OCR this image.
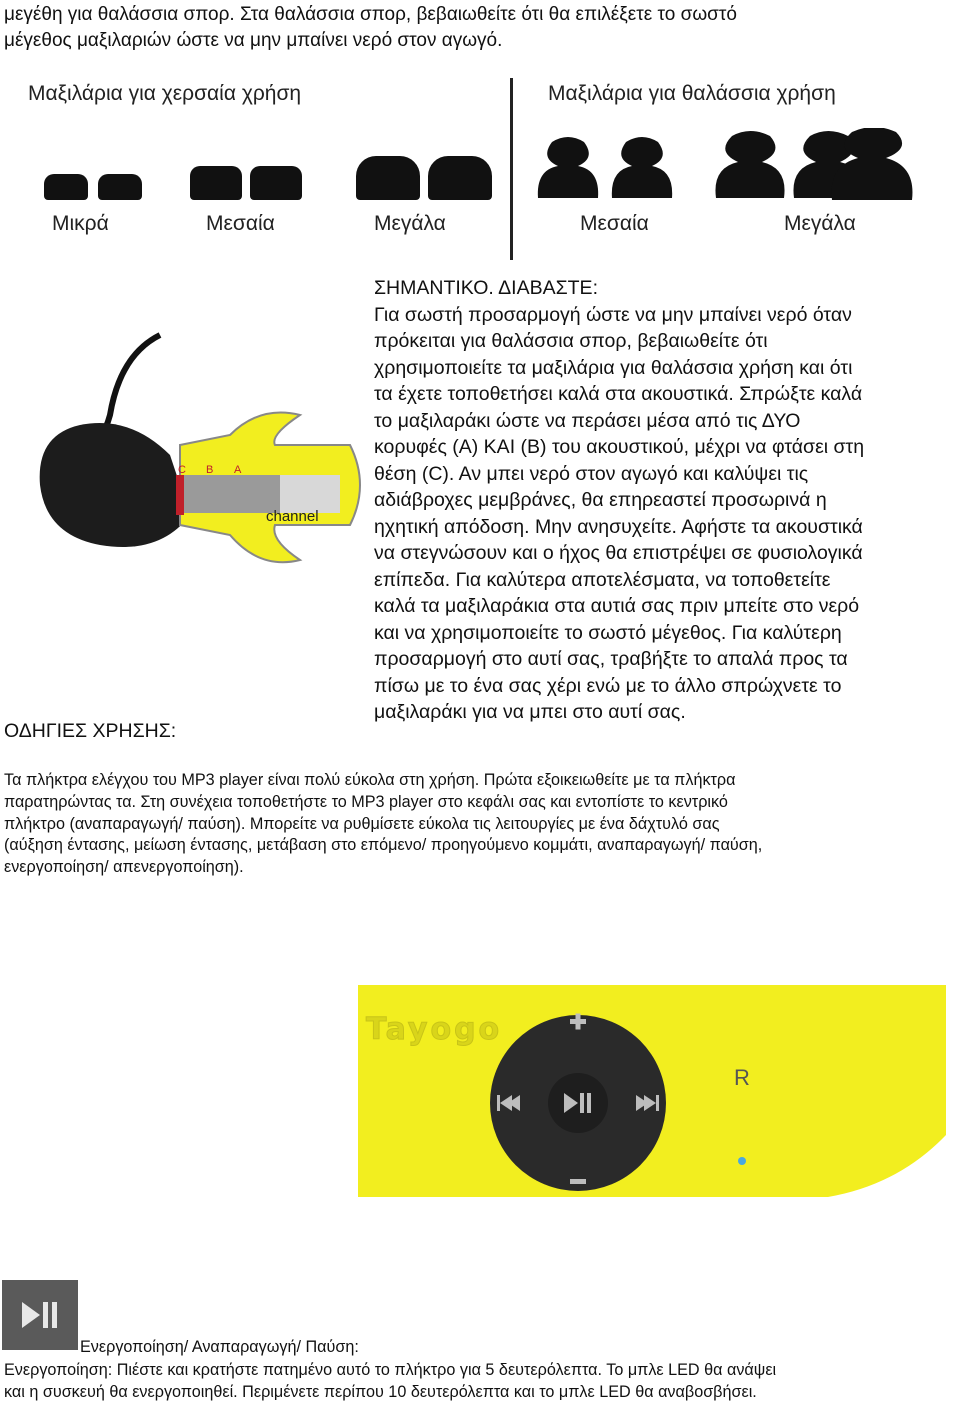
μεγέθη για θαλάσσια σπορ. Στα θαλάσσια σπορ, βεβαιωθείτε ότι θα επιλέξετε το σωστό
μέγεθος μαξιλαριών ώστε να μην μπαίνει νερό στον αγωγό.
Μαξιλάρια για χερσαία χρήση	Μαξιλάρια για θαλάσσια χρήση
Μικρά	Μεσαία	Μεγάλα	Μεσαία	Μεγάλα
C B A
channel
ΣΗΜΑΝΤΙΚΟ. ΔΙΑΒΑΣΤΕ:
Για σωστή προσαρμογή ώστε να μην μπαίνει νερό όταν
πρόκειται για θαλάσσια σπορ, βεβαιωθείτε ότι
χρησιμοποιείτε τα μαξιλάρια για θαλάσσια χρήση και ότι
τα έχετε τοποθετήσει καλά στα ακουστικά. Σπρώξτε καλά
το μαξιλαράκι ώστε να περάσει μέσα από τις ΔΥΟ
κορυφές (A) ΚΑΙ (B) του ακουστικού, μέχρι να φτάσει στη
θέση (C). Αν μπει νερό στον αγωγό και καλύψει τις
αδιάβροχες μεμβράνες, θα επηρεαστεί προσωρινά η
ηχητική απόδοση. Μην ανησυχείτε. Αφήστε τα ακουστικά
να στεγνώσουν και ο ήχος θα επιστρέψει σε φυσιολογικά
επίπεδα. Για καλύτερα αποτελέσματα, να τοποθετείτε
καλά τα μαξιλαράκια στα αυτιά σας πριν μπείτε στο νερό
και να χρησιμοποιείτε το σωστό μέγεθος. Για καλύτερη
προσαρμογή στο αυτί σας, τραβήξτε το απαλά προς τα
πίσω με το ένα σας χέρι ενώ με το άλλο σπρώχνετε το
μαξιλαράκι για να μπει στο αυτί σας.
ΟΔΗΓΙΕΣ ΧΡΗΣΗΣ:
Τα πλήκτρα ελέγχου του MP3 player είναι πολύ εύκολα στη χρήση. Πρώτα εξοικειωθείτε με τα πλήκτρα
παρατηρώντας τα. Στη συνέχεια τοποθετήστε το MP3 player στο κεφάλι σας και εντοπίστε το κεντρικό
πλήκτρο (αναπαραγωγή/ παύση). Μπορείτε να ρυθμίσετε εύκολα τις λειτουργίες με ένα δάχτυλό σας
(αύξηση έντασης, μείωση έντασης, μετάβαση στο επόμενο/ προηγούμενο κομμάτι, αναπαραγωγή/ παύση,
ενεργοποίηση/ απενεργοποίηση).
Tayogo
R
Ενεργοποίηση/ Αναπαραγωγή/ Παύση:
Ενεργοποίηση: Πιέστε και κρατήστε πατημένο αυτό το πλήκτρο για 5 δευτερόλεπτα. Το μπλε LED θα ανάψει
και η συσκευή θα ενεργοποιηθεί. Περιμένετε περίπου 10 δευτερόλεπτα και το μπλε LED θα αναβοσβήσει.
